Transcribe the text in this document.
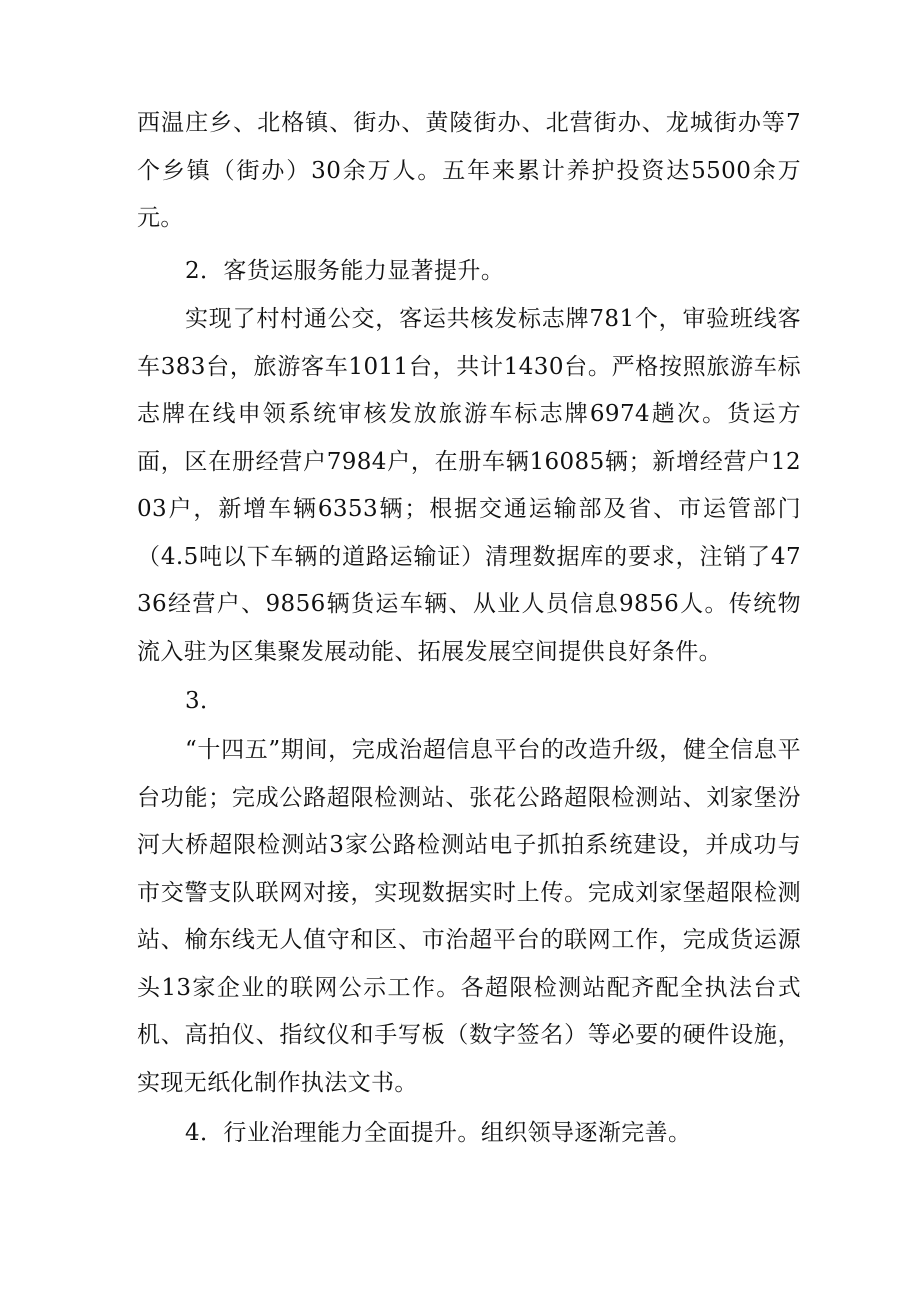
西温庄乡、北格镇、街办、黄陵街办、北营街办、龙城街办等7个乡镇（街办）30余万人。五年来累计养护投资达5500余万元。

2．客货运服务能力显著提升。

实现了村村通公交，客运共核发标志牌781个，审验班线客车383台，旅游客车1011台，共计1430台。严格按照旅游车标志牌在线申领系统审核发放旅游车标志牌6974趟次。货运方面，区在册经营户7984户，在册车辆16085辆；新增经营户1203户，新增车辆6353辆；根据交通运输部及省、市运管部门（4.5吨以下车辆的道路运输证）清理数据库的要求，注销了4736经营户、9856辆货运车辆、从业人员信息9856人。传统物流入驻为区集聚发展动能、拓展发展空间提供良好条件。

3．

“十四五”期间，完成治超信息平台的改造升级，健全信息平台功能；完成公路超限检测站、张花公路超限检测站、刘家堡汾河大桥超限检测站3家公路检测站电子抓拍系统建设，并成功与市交警支队联网对接，实现数据实时上传。完成刘家堡超限检测站、榆东线无人值守和区、市治超平台的联网工作，完成货运源头13家企业的联网公示工作。各超限检测站配齐配全执法台式机、高拍仪、指纹仪和手写板（数字签名）等必要的硬件设施，实现无纸化制作执法文书。

4．行业治理能力全面提升。组织领导逐渐完善。
